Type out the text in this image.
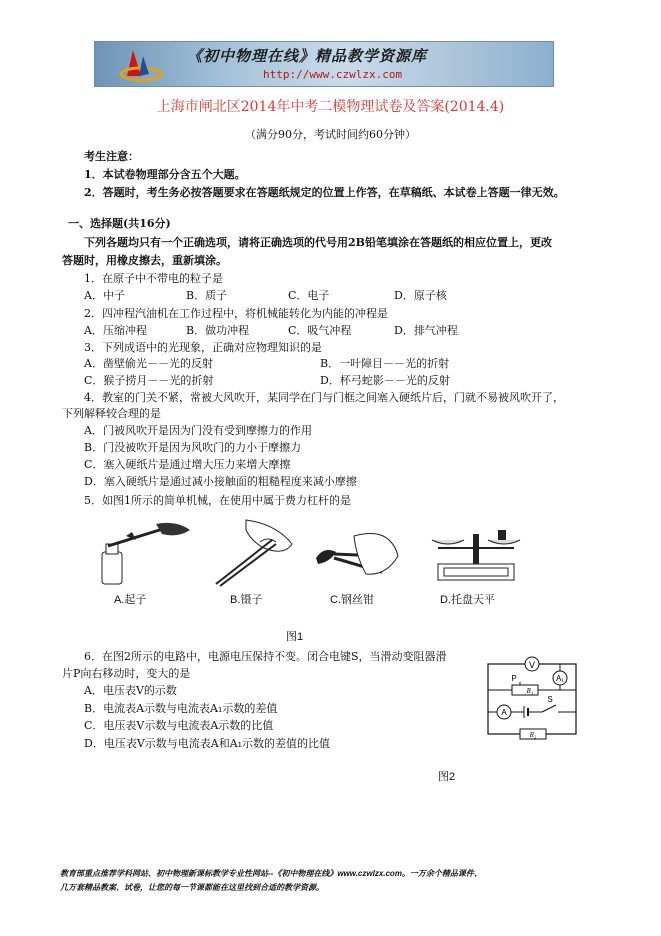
《初中物理在线》精品教学资源库
http://www.czwlzx.com
上海市闸北区2014年中考二模物理试卷及答案(2014.4)
（满分90分，考试时间约60分钟）
考生注意：
1．本试卷物理部分含五个大题。
2．答题时，考生务必按答题要求在答题纸规定的位置上作答，在草稿纸、本试卷上答题一律无效。
一、选择题(共16分)
下列各题均只有一个正确选项，请将正确选项的代号用2B铅笔填涂在答题纸的相应位置上，更改
答题时，用橡皮擦去，重新填涂。
1．在原子中不带电的粒子是
A．中子	B．质子	C．电子	D．原子核
2．四冲程汽油机在工作过程中，将机械能转化为内能的冲程是
A．压缩冲程	B．做功冲程	C．吸气冲程	D．排气冲程
3．下列成语中的光现象，正确对应物理知识的是
A．凿壁偷光－－光的反射	B．一叶障目－－光的折射
C．猴子捞月－－光的折射	D．杯弓蛇影－－光的反射
4．教室的门关不紧，常被大风吹开，某同学在门与门框之间塞入硬纸片后，门就不易被风吹开了，
下列解释较合理的是
A．门被风吹开是因为门没有受到摩擦力的作用
B．门没被吹开是因为风吹门的力小于摩擦力
C．塞入硬纸片是通过增大压力来增大摩擦
D．塞入硬纸片是通过减小接触面的粗糙程度来减小摩擦
5．如图1所示的简单机械，在使用中属于费力杠杆的是
A.起子	B.镊子	C.钢丝钳	D.托盘天平
图1
6．在图2所示的电路中，电源电压保持不变。闭合电键S，当滑动变阻器滑
片P向右移动时，变大的是
A．电压表V的示数
B．电流表A示数与电流表A₁示数的差值
C．电压表V示数与电流表A示数的比值
D．电压表V示数与电流表A和A₁示数的差值的比值
V
R₁
P	A₁
A
S
R₂
图2
教育部重点推荐学科网站、初中物理新课标教学专业性网站--《初中物理在线》www.czwlzx.com。一万余个精品课件、
几万套精品教案、试卷，让您的每一节课都能在这里找到合适的教学资源。
